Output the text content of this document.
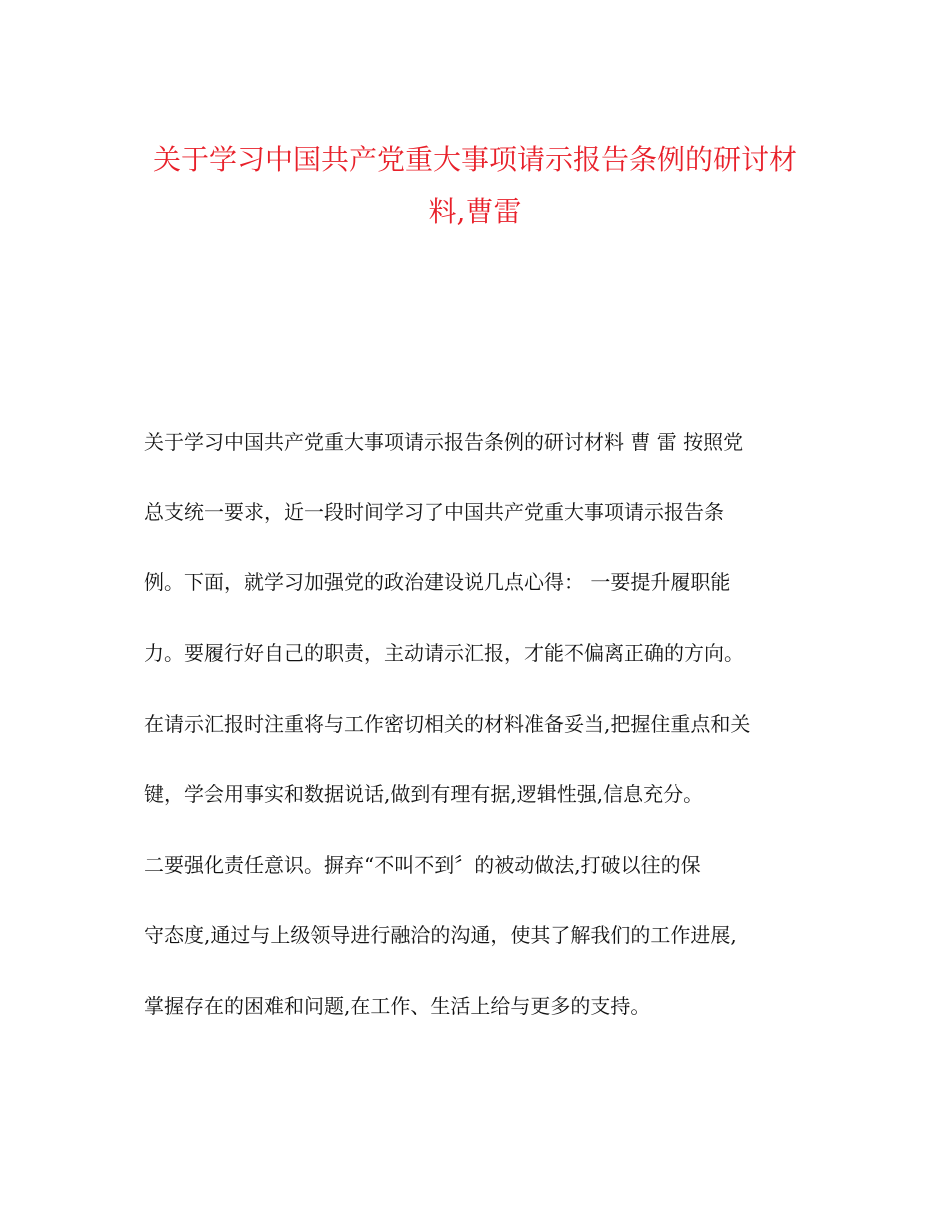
关于学习中国共产党重大事项请示报告条例的研讨材
料,曹雷
关于学习中国共产党重大事项请示报告条例的研讨材料 曹 雷 按照党
总支统一要求，近一段时间学习了中国共产党重大事项请示报告条
例。下面，就学习加强党的政治建设说几点心得： 一要提升履职能
力。要履行好自己的职责，主动请示汇报，才能不偏离正确的方向。
在请示汇报时注重将与工作密切相关的材料准备妥当,把握住重点和关
键，学会用事实和数据说话,做到有理有据,逻辑性强,信息充分。
二要强化责任意识。摒弃“不叫不到〞的被动做法,打破以往的保
守态度,通过与上级领导进行融洽的沟通，使其了解我们的工作进展,
掌握存在的困难和问题,在工作、生活上给与更多的支持。
